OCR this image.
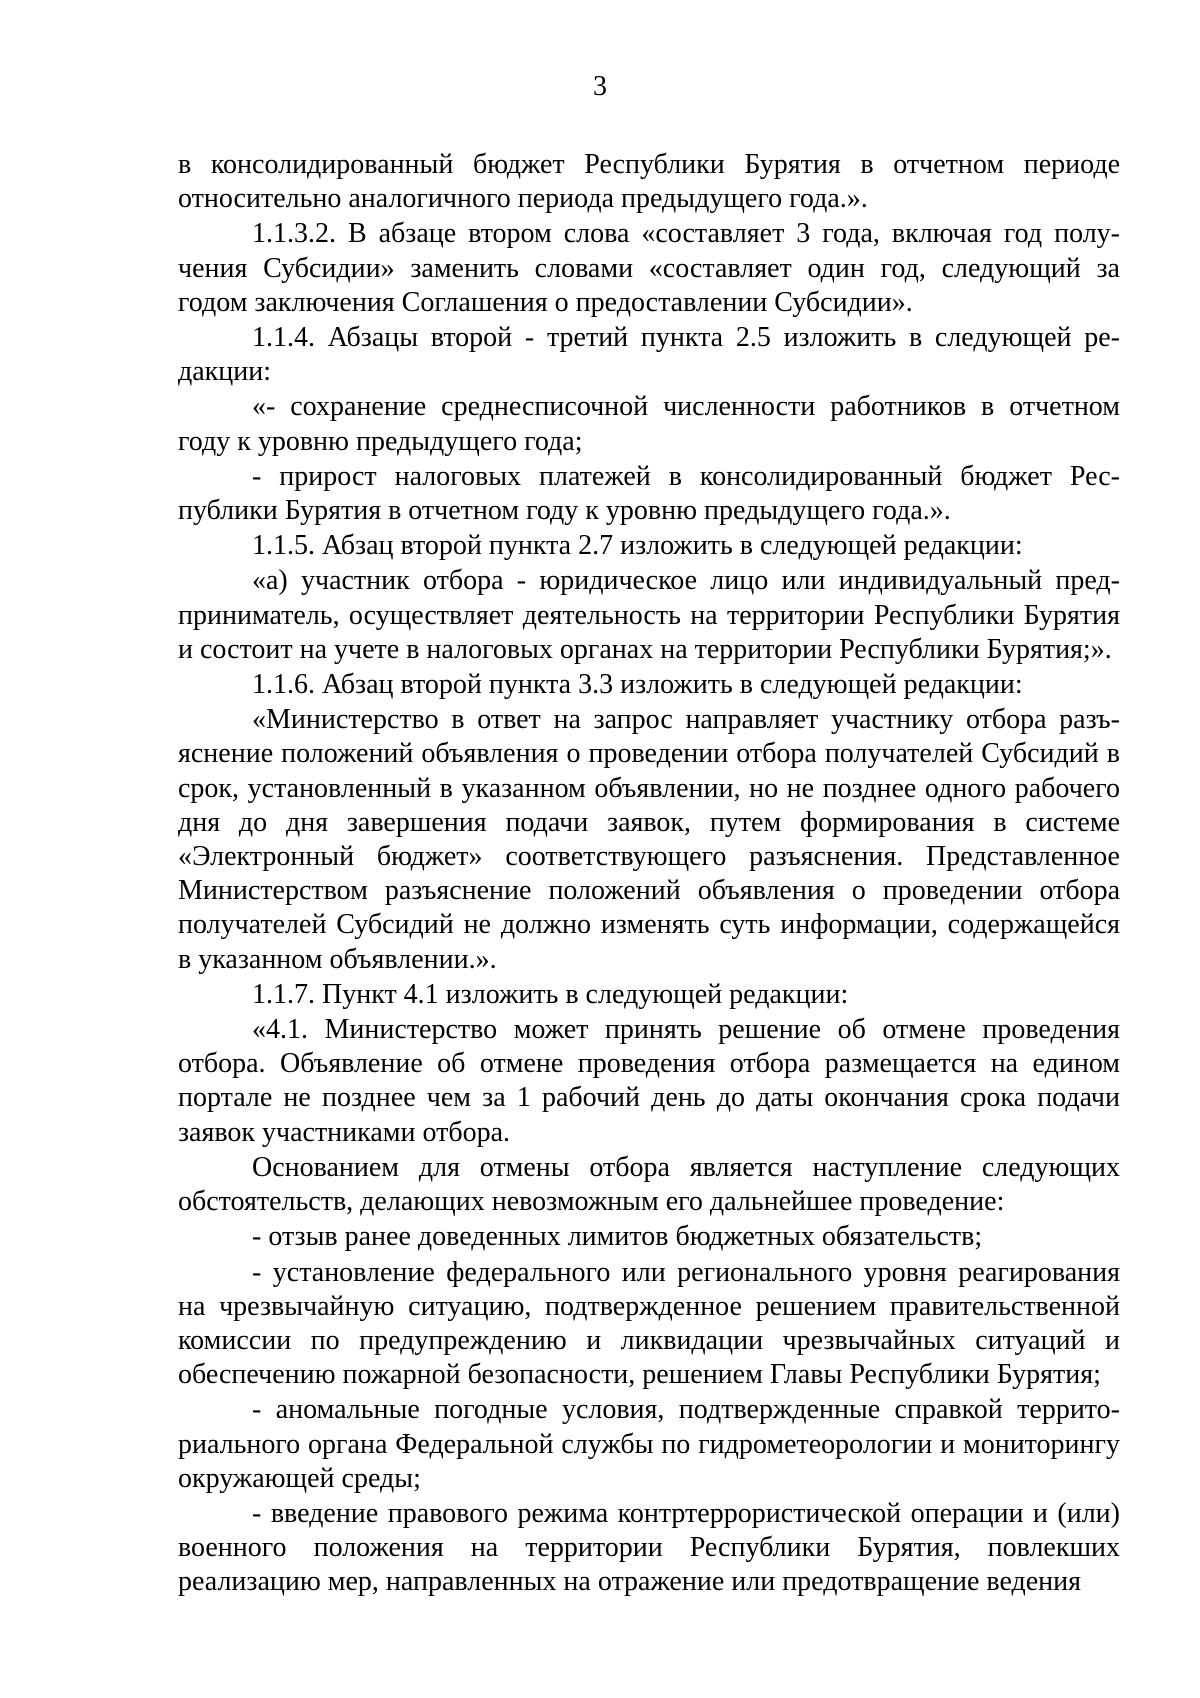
3

в консолидированный бюджет Республики Бурятия в отчетном периоде относительно аналогичного периода предыдущего года.».

1.1.3.2. В абзаце втором слова «составляет 3 года, включая год получения Субсидии» заменить словами «составляет один год, следующий за годом заключения Соглашения о предоставлении Субсидии».

1.1.4. Абзацы второй - третий пункта 2.5 изложить в следующей редакции:

«- сохранение среднесписочной численности работников в отчетном году к уровню предыдущего года;

- прирост налоговых платежей в консолидированный бюджет Республики Бурятия в отчетном году к уровню предыдущего года.».

1.1.5. Абзац второй пункта 2.7 изложить в следующей редакции:

«а) участник отбора - юридическое лицо или индивидуальный предприниматель, осуществляет деятельность на территории Республики Бурятия и состоит на учете в налоговых органах на территории Республики Бурятия;».

1.1.6. Абзац второй пункта 3.3 изложить в следующей редакции:

«Министерство в ответ на запрос направляет участнику отбора разъяснение положений объявления о проведении отбора получателей Субсидий в срок, установленный в указанном объявлении, но не позднее одного рабочего дня до дня завершения подачи заявок, путем формирования в системе «Электронный бюджет» соответствующего разъяснения. Представленное Министерством разъяснение положений объявления о проведении отбора получателей Субсидий не должно изменять суть информации, содержащейся в указанном объявлении.».

1.1.7. Пункт 4.1 изложить в следующей редакции:

«4.1. Министерство может принять решение об отмене проведения отбора. Объявление об отмене проведения отбора размещается на едином портале не позднее чем за 1 рабочий день до даты окончания срока подачи заявок участниками отбора.

Основанием для отмены отбора является наступление следующих обстоятельств, делающих невозможным его дальнейшее проведение:

- отзыв ранее доведенных лимитов бюджетных обязательств;

- установление федерального или регионального уровня реагирования на чрезвычайную ситуацию, подтвержденное решением правительственной комиссии по предупреждению и ликвидации чрезвычайных ситуаций и обеспечению пожарной безопасности, решением Главы Республики Бурятия;

- аномальные погодные условия, подтвержденные справкой территориального органа Федеральной службы по гидрометеорологии и мониторингу окружающей среды;

- введение правового режима контртеррористической операции и (или) военного положения на территории Республики Бурятия, повлекших реализацию мер, направленных на отражение или предотвращение ведения
